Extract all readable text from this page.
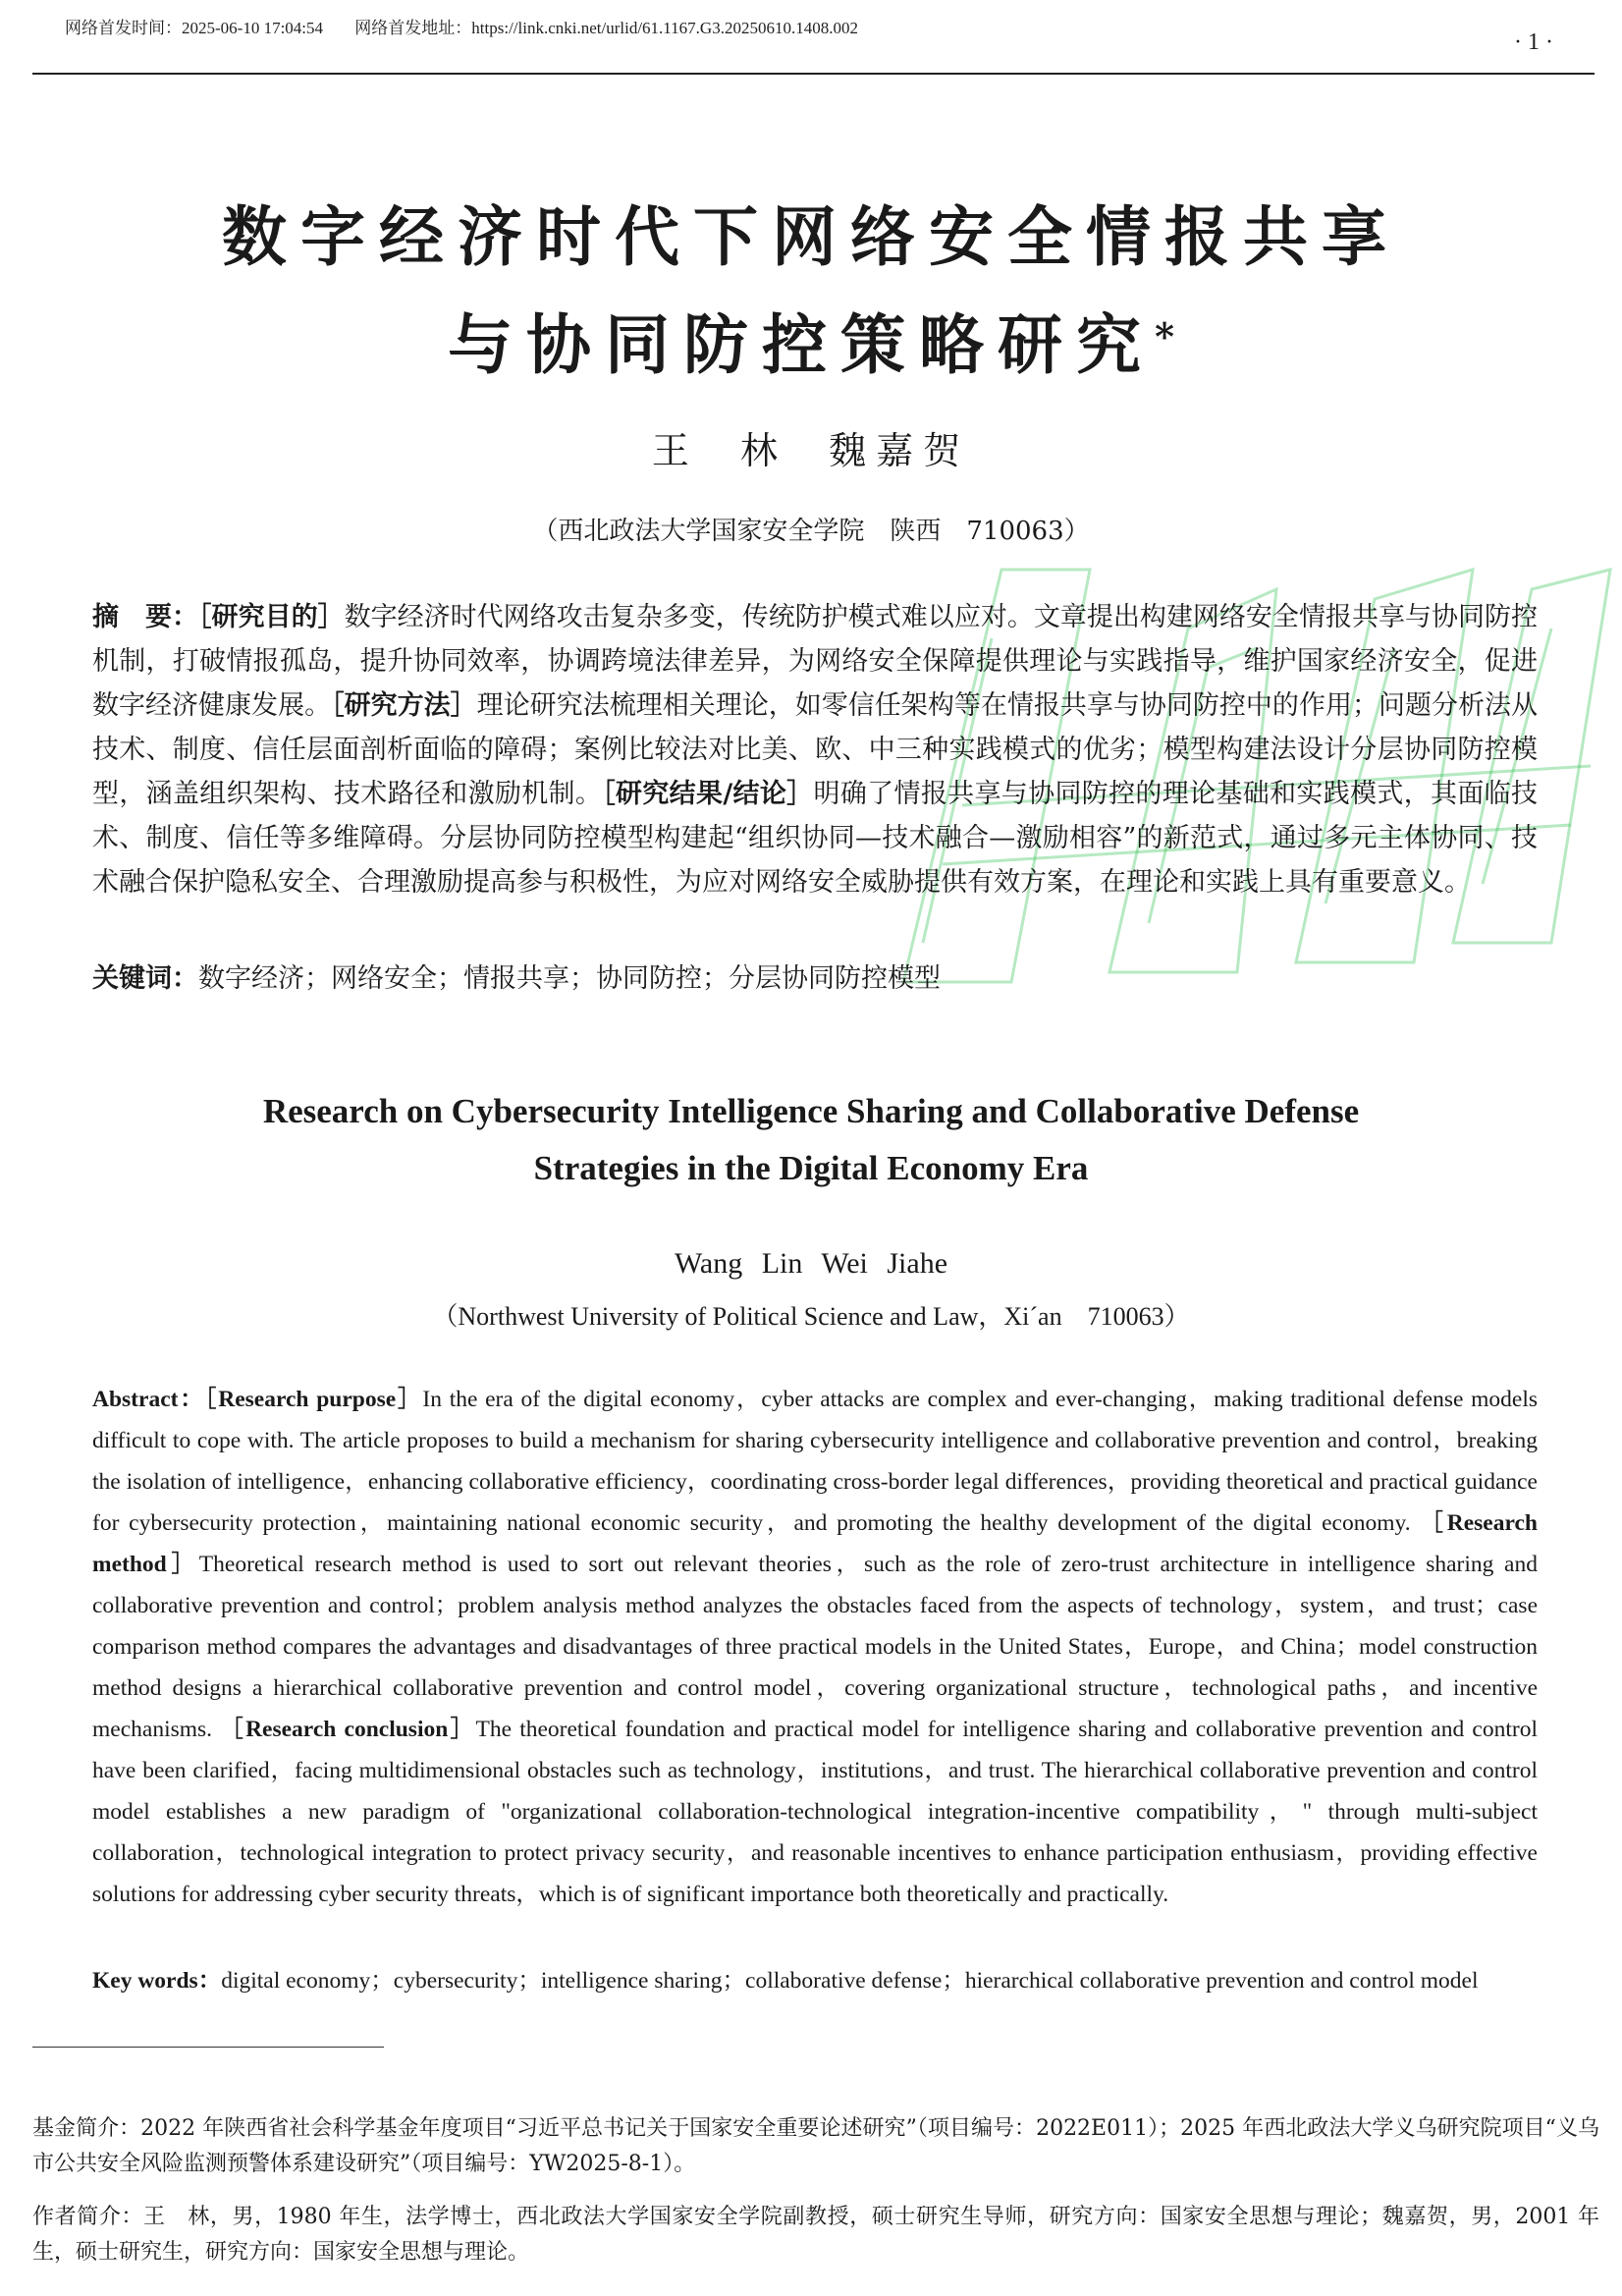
网络首发时间：2025-06-10 17:04:54 网络首发地址：https://link.cnki.net/urlid/61.1167.G3.20250610.1408.002
· 1 ·
数字经济时代下网络安全情报共享
与协同防控策略研究*
王 林 魏嘉贺
（西北政法大学国家安全学院　陕西　710063）
摘　要：［研究目的］数字经济时代网络攻击复杂多变，传统防护模式难以应对。文章提出构建网络安全情报共享与协同防控机制，打破情报孤岛，提升协同效率，协调跨境法律差异，为网络安全保障提供理论与实践指导，维护国家经济安全，促进数字经济健康发展。［研究方法］理论研究法梳理相关理论，如零信任架构等在情报共享与协同防控中的作用；问题分析法从技术、制度、信任层面剖析面临的障碍；案例比较法对比美、欧、中三种实践模式的优劣；模型构建法设计分层协同防控模型，涵盖组织架构、技术路径和激励机制。［研究结果/结论］明确了情报共享与协同防控的理论基础和实践模式，其面临技术、制度、信任等多维障碍。分层协同防控模型构建起“组织协同—技术融合—激励相容”的新范式，通过多元主体协同、技术融合保护隐私安全、合理激励提高参与积极性，为应对网络安全威胁提供有效方案，在理论和实践上具有重要意义。
关键词：数字经济；网络安全；情报共享；协同防控；分层协同防控模型
Research on Cybersecurity Intelligence Sharing and Collaborative Defense
Strategies in the Digital Economy Era
Wang Lin Wei Jiahe
（Northwest University of Political Science and Law，Xi´an　710063）
Abstract：［Research purpose］In the era of the digital economy，cyber attacks are complex and ever-changing，making traditional defense models difficult to cope with. The article proposes to build a mechanism for sharing cybersecurity intelligence and collaborative prevention and control，breaking the isolation of intelligence，enhancing collaborative efficiency，coordinating cross-border legal differences，providing theoretical and practical guidance for cybersecurity protection，maintaining national economic security，and promoting the healthy development of the digital economy. ［Research method］Theoretical research method is used to sort out relevant theories，such as the role of zero-trust architecture in intelligence sharing and collaborative prevention and control；problem analysis method analyzes the obstacles faced from the aspects of technology，system，and trust；case comparison method compares the advantages and disadvantages of three practical models in the United States，Europe，and China；model construction method designs a hierarchical collaborative prevention and control model，covering organizational structure，technological paths，and incentive mechanisms. ［Research conclusion］The theoretical foundation and practical model for intelligence sharing and collaborative prevention and control have been clarified，facing multidimensional obstacles such as technology，institutions，and trust. The hierarchical collaborative prevention and control model establishes a new paradigm of "organizational collaboration-technological integration-incentive compatibility，" through multi-subject collaboration，technological integration to protect privacy security，and reasonable incentives to enhance participation enthusiasm，providing effective solutions for addressing cyber security threats，which is of significant importance both theoretically and practically.
Key words：digital economy；cybersecurity；intelligence sharing；collaborative defense；hierarchical collaborative prevention and control model
基金简介：2022 年陕西省社会科学基金年度项目“习近平总书记关于国家安全重要论述研究”（项目编号：2022E011）；2025 年西北政法大学义乌研究院项目“义乌市公共安全风险监测预警体系建设研究”（项目编号：YW2025-8-1）。
作者简介：王　林，男，1980 年生，法学博士，西北政法大学国家安全学院副教授，硕士研究生导师，研究方向：国家安全思想与理论；魏嘉贺，男，2001 年生，硕士研究生，研究方向：国家安全思想与理论。
